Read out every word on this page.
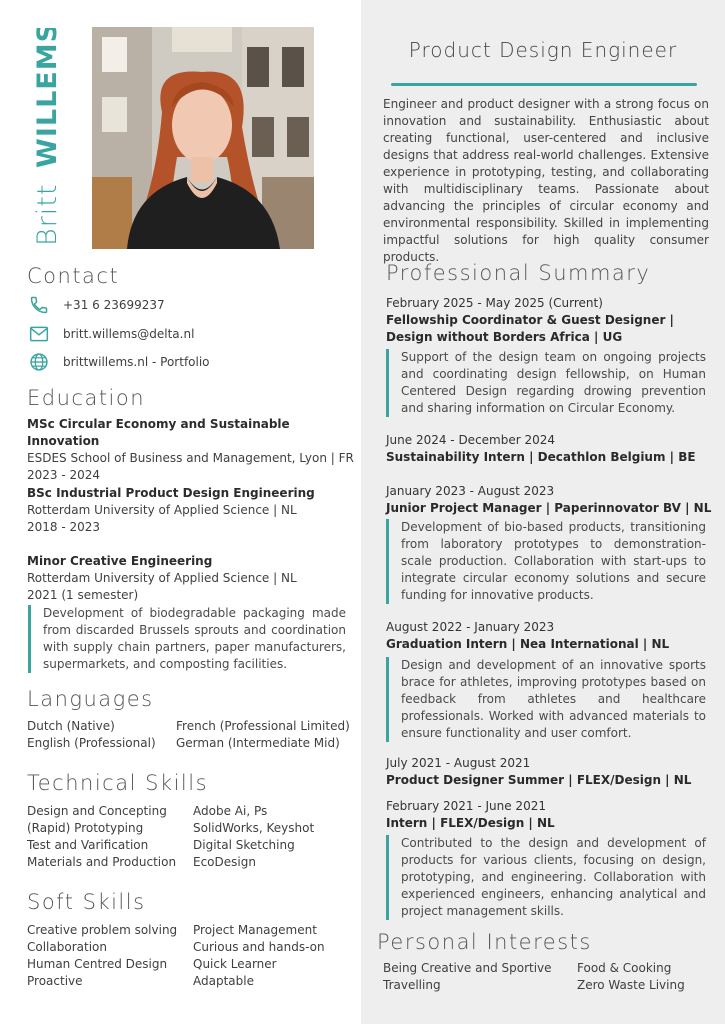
Britt WILLEMS
Contact
+31 6 23699237
britt.willems@delta.nl
brittwillems.nl - Portfolio
Education
MSc Circular Economy and Sustainable Innovation
ESDES School of Business and Management, Lyon | FR
2023 - 2024
BSc Industrial Product Design Engineering
Rotterdam University of Applied Science | NL
2018 - 2023
Minor Creative Engineering
Rotterdam University of Applied Science | NL
2021 (1 semester)
Development of biodegradable packaging made from discarded Brussels sprouts and coordination with supply chain partners, paper manufacturers, supermarkets, and composting facilities.
Languages
Dutch (Native)
English (Professional)
French (Professional Limited)
German (Intermediate Mid)
Technical Skills
Design and Concepting
(Rapid) Prototyping
Test and Varification
Materials and Production
Adobe Ai, Ps
SolidWorks, Keyshot
Digital Sketching
EcoDesign
Soft Skills
Creative problem solving
Collaboration
Human Centred Design
Proactive
Project Management
Curious and hands-on
Quick Learner
Adaptable
Product Design Engineer
Engineer and product designer with a strong focus on innovation and sustainability. Enthusiastic about creating functional, user-centered and inclusive designs that address real-world challenges. Extensive experience in prototyping, testing, and collaborating with multidisciplinary teams. Passionate about advancing the principles of circular economy and environmental responsibility. Skilled in implementing impactful solutions for high quality consumer products.
Professional Summary
February 2025 - May 2025 (Current)
Fellowship Coordinator & Guest Designer |
Design without Borders Africa | UG
Support of the design team on ongoing projects and coordinating design fellowship, on Human Centered Design regarding drowing prevention and sharing information on Circular Economy.
June 2024 - December 2024
Sustainability Intern | Decathlon Belgium | BE
January 2023 - August 2023
Junior Project Manager | Paperinnovator BV | NL
Development of bio-based products, transitioning from laboratory prototypes to demonstration-scale production. Collaboration with start-ups to integrate circular economy solutions and secure funding for innovative products.
August 2022 - January 2023
Graduation Intern | Nea International | NL
Design and development of an innovative sports brace for athletes, improving prototypes based on feedback from athletes and healthcare professionals. Worked with advanced materials to ensure functionality and user comfort.
July 2021 - August 2021
Product Designer Summer | FLEX/Design | NL
February 2021 - June 2021
Intern | FLEX/Design | NL
Contributed to the design and development of products for various clients, focusing on design, prototyping, and engineering. Collaboration with experienced engineers, enhancing analytical and project management skills.
Personal Interests
Being Creative and Sportive
Travelling
Food & Cooking
Zero Waste Living
